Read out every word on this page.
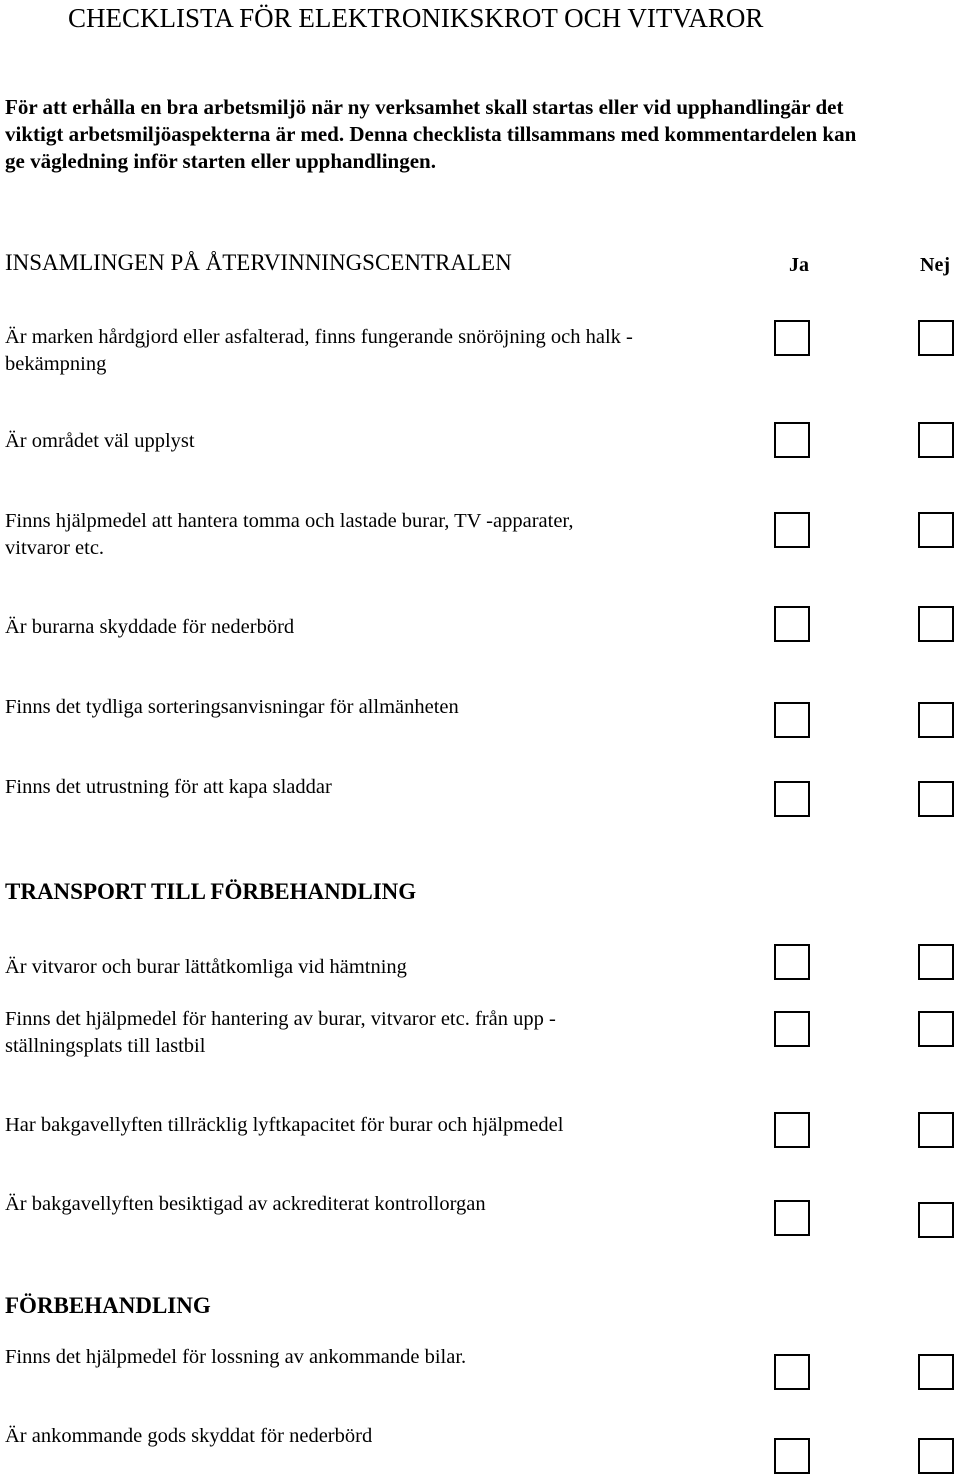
CHECKLISTA FÖR ELEKTRONIKSKROT OCH VITVAROR
För att erhålla en bra arbetsmiljö när ny verksamhet skall startas eller vid upphandlingär det
viktigt arbetsmiljöaspekterna är med. Denna checklista tillsammans med kommentardelen kan
ge vägledning inför starten eller upphandlingen.
INSAMLINGEN PÅ ÅTERVINNINGSCENTRALEN	Ja	Nej
Är marken hårdgjord eller asfalterad, finns fungerande snöröjning och halk -
bekämpning
Är området väl upplyst
Finns hjälpmedel att hantera tomma och lastade burar, TV -apparater,
vitvaror etc.
Är burarna skyddade för nederbörd
Finns det tydliga sorteringsanvisningar för allmänheten
Finns det utrustning för att kapa sladdar
TRANSPORT TILL FÖRBEHANDLING
Är vitvaror och burar lättåtkomliga vid hämtning
Finns det hjälpmedel för hantering av burar, vitvaror etc. från upp -
ställningsplats till lastbil
Har bakgavellyften tillräcklig lyftkapacitet för burar och hjälpmedel
Är bakgavellyften besiktigad av ackrediterat kontrollorgan
FÖRBEHANDLING
Finns det hjälpmedel för lossning av ankommande bilar.
Är ankommande gods skyddat för nederbörd
